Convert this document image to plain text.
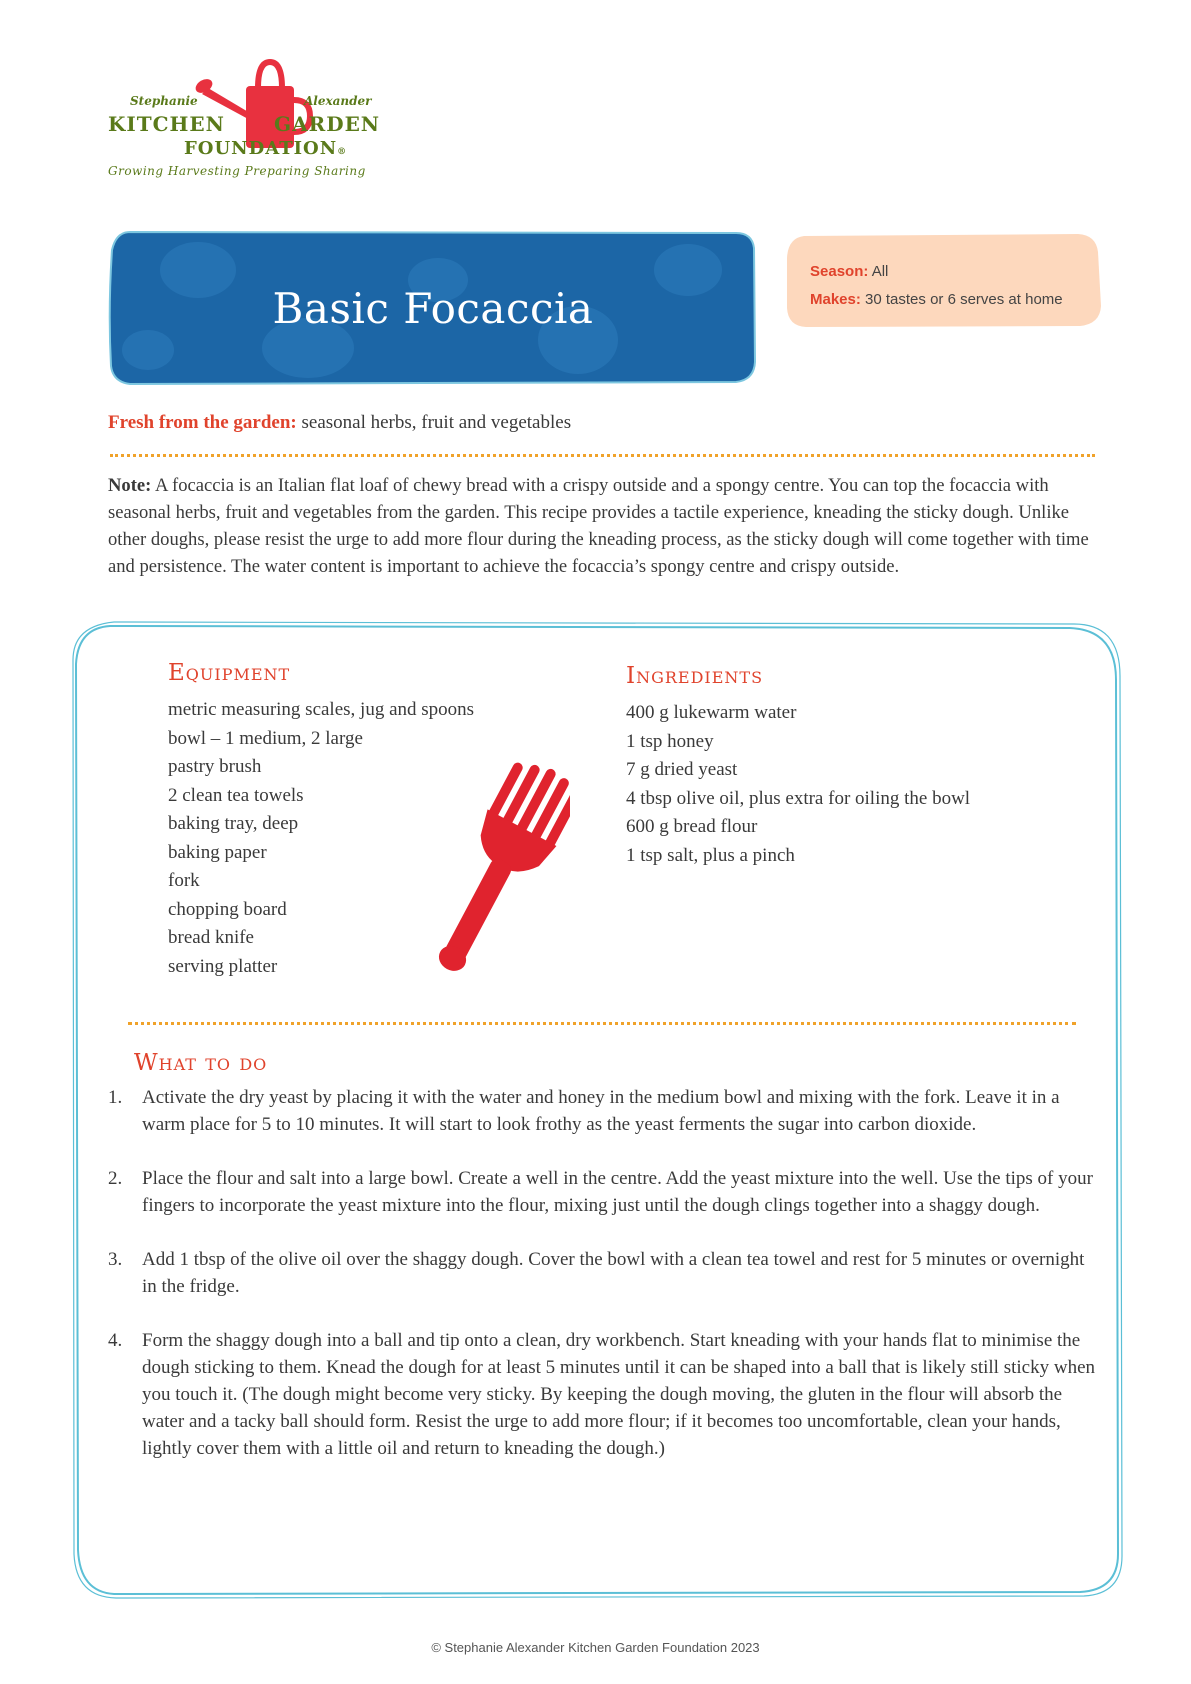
Stephanie	Alexander
KITCHEN GARDEN
FOUNDATION®
Growing Harvesting Preparing Sharing
Basic Focaccia
Season: All
Makes: 30 tastes or 6 serves at home
Fresh from the garden: seasonal herbs, fruit and vegetables
Note: A focaccia is an Italian flat loaf of chewy bread with a crispy outside and a spongy centre. You can top the focaccia with seasonal herbs, fruit and vegetables from the garden. This recipe provides a tactile experience, kneading the sticky dough. Unlike other doughs, please resist the urge to add more flour during the kneading process, as the sticky dough will come together with time and persistence. The water content is important to achieve the focaccia’s spongy centre and crispy outside.
Equipment
metric measuring scales, jug and spoons
bowl – 1 medium, 2 large
pastry brush
2 clean tea towels
baking tray, deep
baking paper
fork
chopping board
bread knife
serving platter
Ingredients
400 g lukewarm water
1 tsp honey
7 g dried yeast
4 tbsp olive oil, plus extra for oiling the bowl
600 g bread flour
1 tsp salt, plus a pinch
What to do
1. Activate the dry yeast by placing it with the water and honey in the medium bowl and mixing with the fork. Leave it in a warm place for 5 to 10 minutes. It will start to look frothy as the yeast ferments the sugar into carbon dioxide.
2. Place the flour and salt into a large bowl. Create a well in the centre. Add the yeast mixture into the well. Use the tips of your fingers to incorporate the yeast mixture into the flour, mixing just until the dough clings together into a shaggy dough.
3. Add 1 tbsp of the olive oil over the shaggy dough. Cover the bowl with a clean tea towel and rest for 5 minutes or overnight in the fridge.
4. Form the shaggy dough into a ball and tip onto a clean, dry workbench. Start kneading with your hands flat to minimise the dough sticking to them. Knead the dough for at least 5 minutes until it can be shaped into a ball that is likely still sticky when you touch it. (The dough might become very sticky. By keeping the dough moving, the gluten in the flour will absorb the water and a tacky ball should form. Resist the urge to add more flour; if it becomes too uncomfortable, clean your hands, lightly cover them with a little oil and return to kneading the dough.)
© Stephanie Alexander Kitchen Garden Foundation 2023
